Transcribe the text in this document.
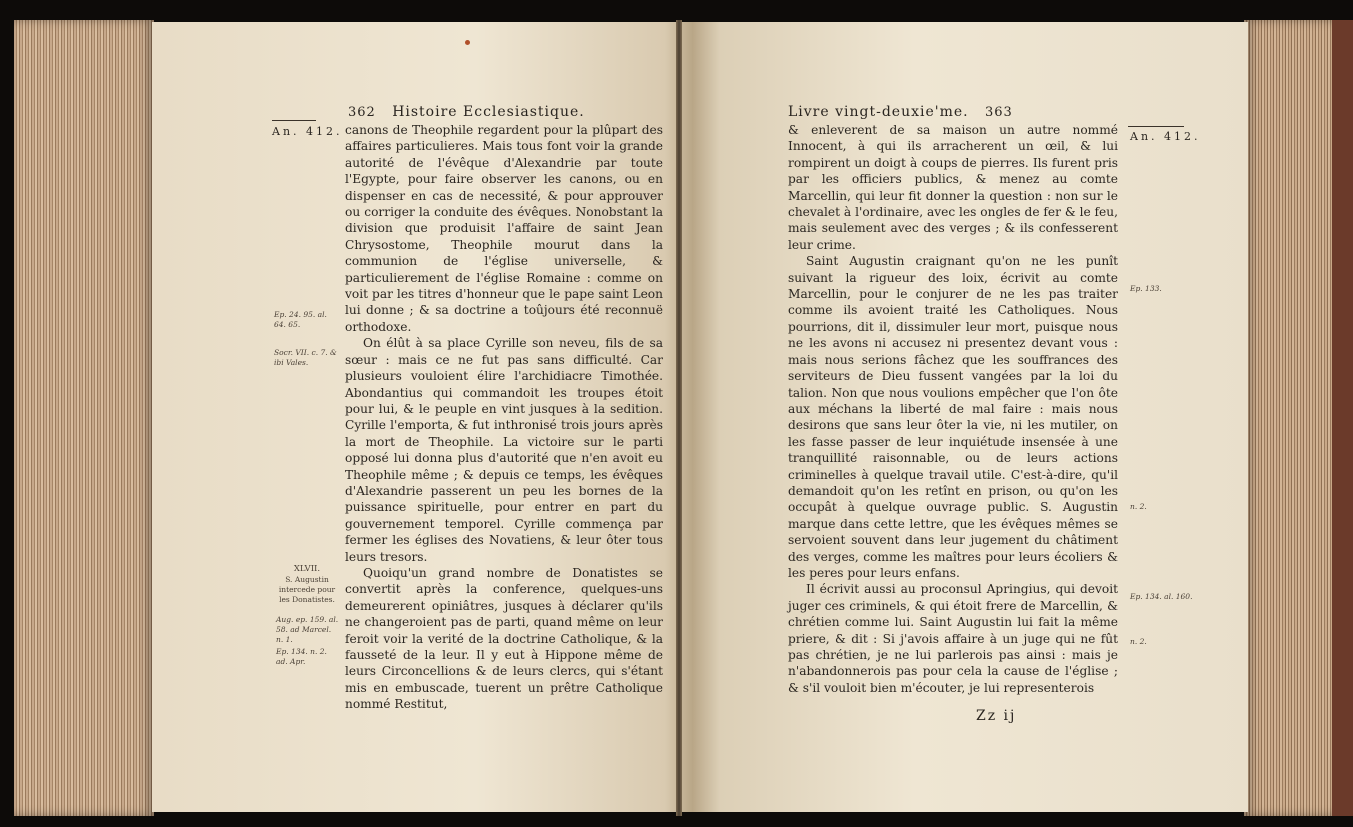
362 Histoire Ecclesiastique.
An. 412.
Ep. 24. 95. al. 64. 65.
Socr. VII. c. 7. & ibi Vales.
XLVII.
S. Augustin intercede pour les Donatistes.
Aug. ep. 159. al. 58. ad Marcel. n. 1.
Ep. 134. n. 2. ad. Apr.

canons de Theophile regardent pour la plûpart des affaires particulieres. Mais tous font voir la grande autorité de l'évêque d'Alexandrie par toute l'Egypte, pour faire observer les canons, ou en dispenser en cas de necessité, & pour approuver ou corriger la conduite des évêques. Nonobstant la division que produisit l'affaire de saint Jean Chrysostome, Theophile mourut dans la communion de l'église universelle, & particulierement de l'église Romaine : comme on voit par les titres d'honneur que le pape saint Leon lui donne ; & sa doctrine a toûjours été reconnuë orthodoxe.

On élût à sa place Cyrille son neveu, fils de sa sœur : mais ce ne fut pas sans difficulté. Car plusieurs vouloient élire l'archidiacre Timothée. Abondantius qui commandoit les troupes étoit pour lui, & le peuple en vint jusques à la sedition. Cyrille l'emporta, & fut inthronisé trois jours après la mort de Theophile. La victoire sur le parti opposé lui donna plus d'autorité que n'en avoit eu Theophile même ; & depuis ce temps, les évêques d'Alexandrie passerent un peu les bornes de la puissance spirituelle, pour entrer en part du gouvernement temporel. Cyrille commença par fermer les églises des Novatiens, & leur ôter tous leurs tresors.

Quoiqu'un grand nombre de Donatistes se convertit après la conference, quelques-uns demeurerent opiniâtres, jusques à déclarer qu'ils ne changeroient pas de parti, quand même on leur feroit voir la verité de la doctrine Catholique, & la fausseté de la leur. Il y eut à Hippone même de leurs Circoncellions & de leurs clercs, qui s'étant mis en embuscade, tuerent un prêtre Catholique nommé Restitut,

Livre vingt-deuxie'me. 363
An. 412.
Ep. 133.
n. 2.
Ep. 134. al. 160.
n. 2.

& enleverent de sa maison un autre nommé Innocent, à qui ils arracherent un œil, & lui rompirent un doigt à coups de pierres. Ils furent pris par les officiers publics, & menez au comte Marcellin, qui leur fit donner la question : non sur le chevalet à l'ordinaire, avec les ongles de fer & le feu, mais seulement avec des verges ; & ils confesserent leur crime.

Saint Augustin craignant qu'on ne les punît suivant la rigueur des loix, écrivit au comte Marcellin, pour le conjurer de ne les pas traiter comme ils avoient traité les Catholiques. Nous pourrions, dit il, dissimuler leur mort, puisque nous ne les avons ni accusez ni presentez devant vous : mais nous serions fâchez que les souffrances des serviteurs de Dieu fussent vangées par la loi du talion. Non que nous voulions empêcher que l'on ôte aux méchans la liberté de mal faire : mais nous desirons que sans leur ôter la vie, ni les mutiler, on les fasse passer de leur inquiétude insensée à une tranquillité raisonnable, ou de leurs actions criminelles à quelque travail utile. C'est-à-dire, qu'il demandoit qu'on les retînt en prison, ou qu'on les occupât à quelque ouvrage public. S. Augustin marque dans cette lettre, que les évêques mêmes se servoient souvent dans leur jugement du châtiment des verges, comme les maîtres pour leurs écoliers & les peres pour leurs enfans.

Il écrivit aussi au proconsul Apringius, qui devoit juger ces criminels, & qui étoit frere de Marcellin, & chrétien comme lui. Saint Augustin lui fait la même priere, & dit : Si j'avois affaire à un juge qui ne fût pas chrétien, je ne lui parlerois pas ainsi : mais je n'abandonnerois pas pour cela la cause de l'église ; & s'il vouloit bien m'écouter, je lui representerois

Zz ij
